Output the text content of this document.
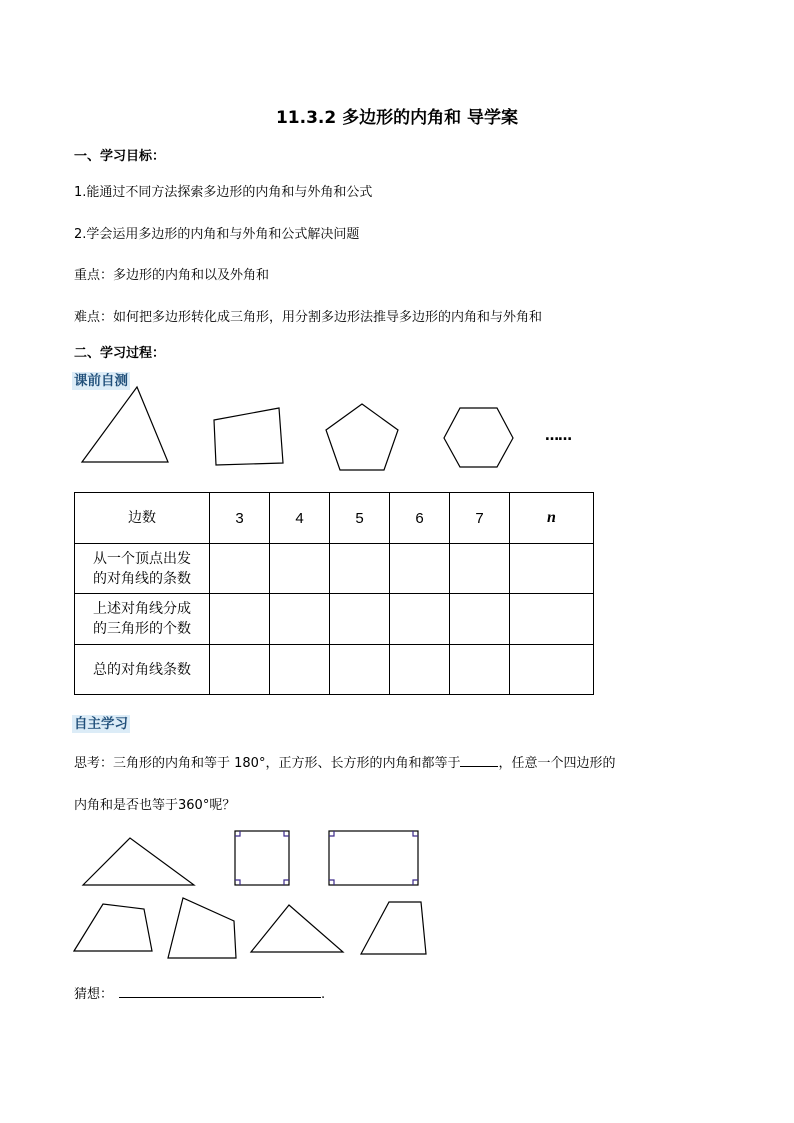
11.3.2 多边形的内角和 导学案
一、学习目标：
1.能通过不同方法探索多边形的内角和与外角和公式
2.学会运用多边形的内角和与外角和公式解决问题
重点：多边形的内角和以及外角和
难点：如何把多边形转化成三角形，用分割多边形法推导多边形的内角和与外角和
二、学习过程：
课前自测
……
边数	3	4	5	6	7	n

从一个顶点出发
的对角线的条数						

上述对角线分成
的三角形的个数						

总的对角线条数						

自主学习
思考：三角形的内角和等于 180°，正方形、长方形的内角和都等于	，任意一个四边形的
内角和是否也等于360°呢？
猜想：	.
